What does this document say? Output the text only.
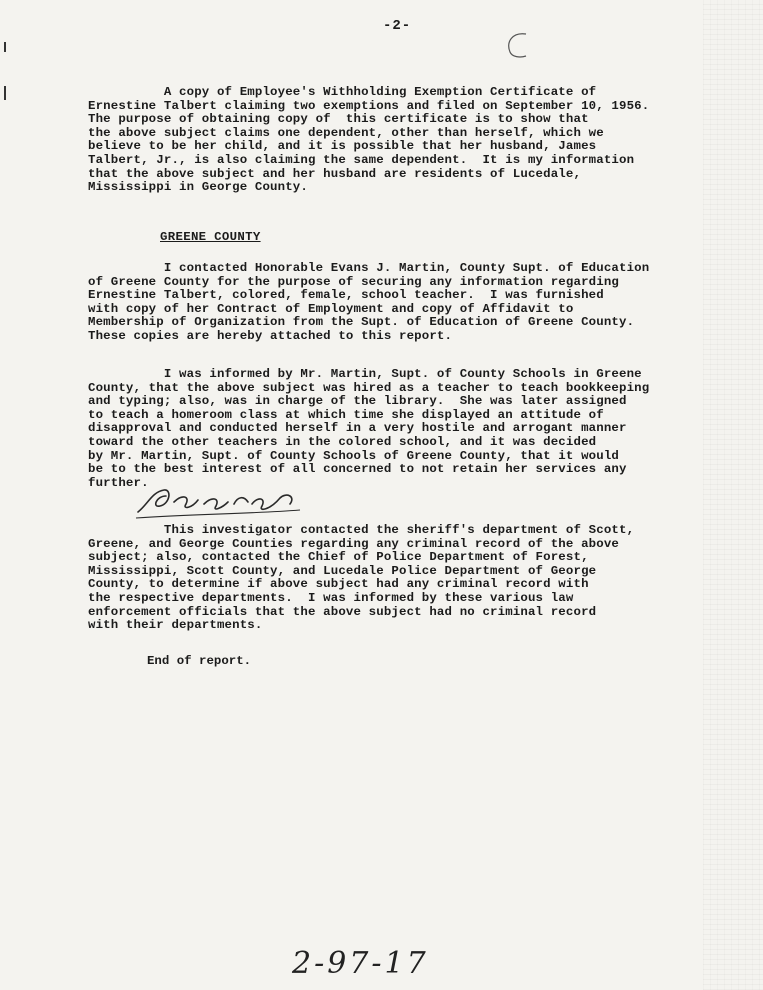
-2-

A copy of Employee's Withholding Exemption Certificate of
Ernestine Talbert claiming two exemptions and filed on September 10, 1956.
The purpose of obtaining copy of  this certificate is to show that
the above subject claims one dependent, other than herself, which we
believe to be her child, and it is possible that her husband, James
Talbert, Jr., is also claiming the same dependent.  It is my information
that the above subject and her husband are residents of Lucedale,
Mississippi in George County.

GREENE COUNTY

I contacted Honorable Evans J. Martin, County Supt. of Education
of Greene County for the purpose of securing any information regarding
Ernestine Talbert, colored, female, school teacher.  I was furnished
with copy of her Contract of Employment and copy of Affidavit to
Membership of Organization from the Supt. of Education of Greene County.
These copies are hereby attached to this report.

I was informed by Mr. Martin, Supt. of County Schools in Greene
County, that the above subject was hired as a teacher to teach bookkeeping
and typing; also, was in charge of the library.  She was later assigned
to teach a homeroom class at which time she displayed an attitude of
disapproval and conducted herself in a very hostile and arrogant manner
toward the other teachers in the colored school, and it was decided
by Mr. Martin, Supt. of County Schools of Greene County, that it would
be to the best interest of all concerned to not retain her services any
further.

This investigator contacted the sheriff's department of Scott,
Greene, and George Counties regarding any criminal record of the above
subject; also, contacted the Chief of Police Department of Forest,
Mississippi, Scott County, and Lucedale Police Department of George
County, to determine if above subject had any criminal record with
the respective departments.  I was informed by these various law
enforcement officials that the above subject had no criminal record
with their departments.

End of report.
2-97-17
